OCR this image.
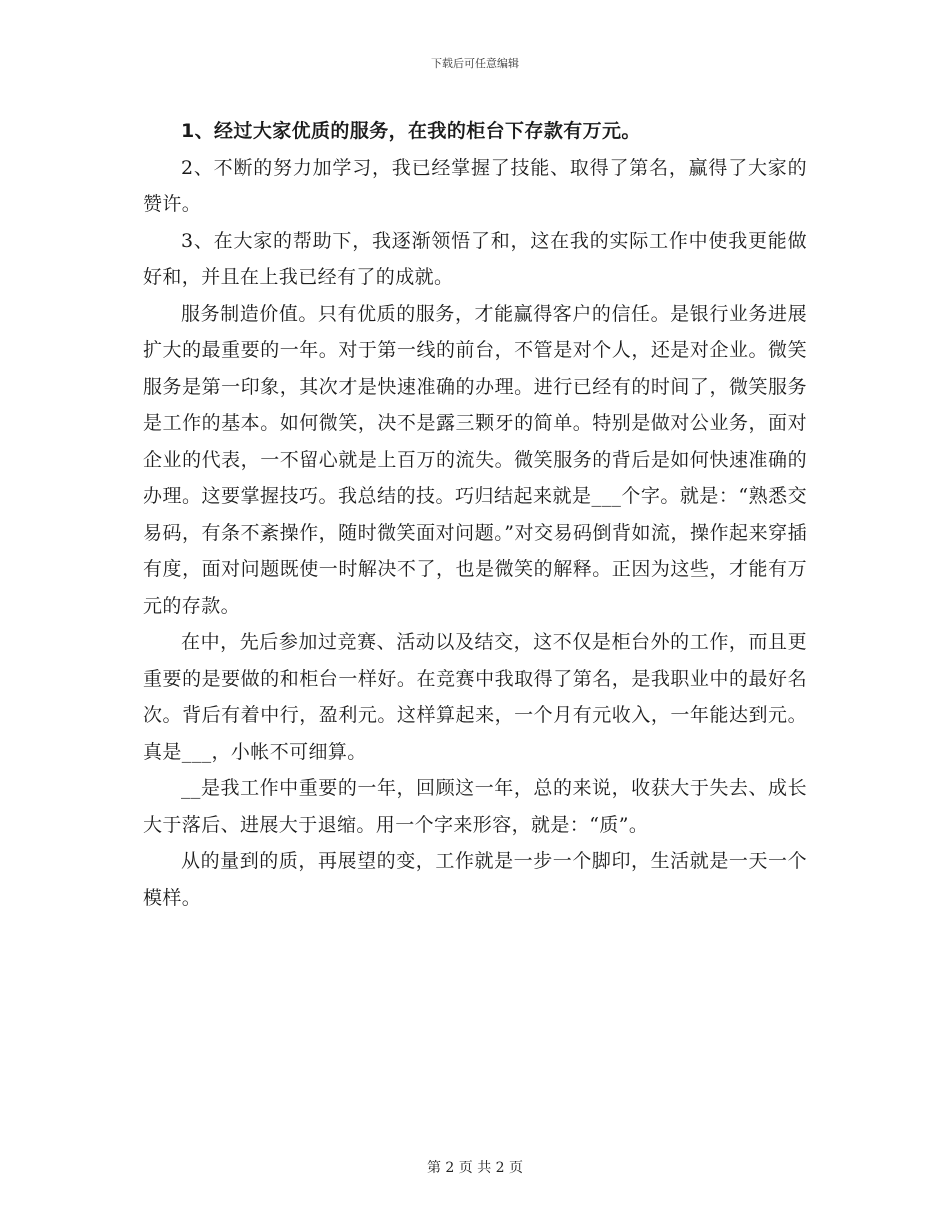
下载后可任意编辑

1、经过大家优质的服务，在我的柜台下存款有万元。

2、不断的努力加学习，我已经掌握了技能、取得了第名，赢得了大家的赞许。

3、在大家的帮助下，我逐渐领悟了和，这在我的实际工作中使我更能做好和，并且在上我已经有了的成就。

服务制造价值。只有优质的服务，才能赢得客户的信任。是银行业务进展扩大的最重要的一年。对于第一线的前台，不管是对个人，还是对企业。微笑服务是第一印象，其次才是快速准确的办理。进行已经有的时间了，微笑服务是工作的基本。如何微笑，决不是露三颗牙的简单。特别是做对公业务，面对企业的代表，一不留心就是上百万的流失。微笑服务的背后是如何快速准确的办理。这要掌握技巧。我总结的技。巧归结起来就是___个字。就是：“熟悉交易码，有条不紊操作，随时微笑面对问题。”对交易码倒背如流，操作起来穿插有度，面对问题既使一时解决不了，也是微笑的解释。正因为这些，才能有万元的存款。

在中，先后参加过竞赛、活动以及结交，这不仅是柜台外的工作，而且更重要的是要做的和柜台一样好。在竞赛中我取得了第名，是我职业中的最好名次。背后有着中行，盈利元。这样算起来，一个月有元收入，一年能达到元。真是___，小帐不可细算。

__是我工作中重要的一年，回顾这一年，总的来说，收获大于失去、成长大于落后、进展大于退缩。用一个字来形容，就是：“质”。

从的量到的质，再展望的变，工作就是一步一个脚印，生活就是一天一个模样。

第 2 页 共 2 页
